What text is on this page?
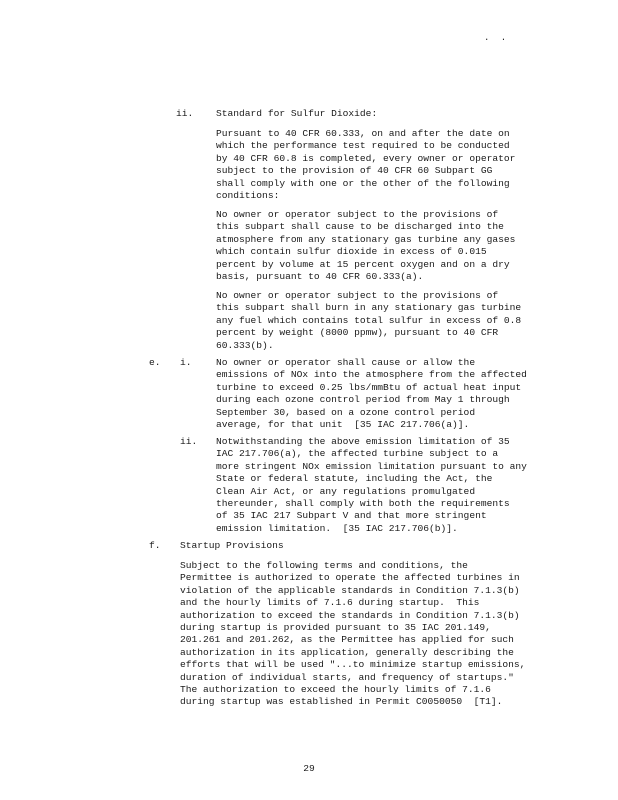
. .
ii. Standard for Sulfur Dioxide:
Pursuant to 40 CFR 60.333, on and after the date on
which the performance test required to be conducted
by 40 CFR 60.8 is completed, every owner or operator
subject to the provision of 40 CFR 60 Subpart GG
shall comply with one or the other of the following
conditions:
No owner or operator subject to the provisions of
this subpart shall cause to be discharged into the
atmosphere from any stationary gas turbine any gases
which contain sulfur dioxide in excess of 0.015
percent by volume at 15 percent oxygen and on a dry
basis, pursuant to 40 CFR 60.333(a).
No owner or operator subject to the provisions of
this subpart shall burn in any stationary gas turbine
any fuel which contains total sulfur in excess of 0.8
percent by weight (8000 ppmw), pursuant to 40 CFR
60.333(b).
e. i.	No owner or operator shall cause or allow the
emissions of NOx into the atmosphere from the affected
turbine to exceed 0.25 lbs/mmBtu of actual heat input
during each ozone control period from May 1 through
September 30, based on a ozone control period
average, for that unit  [35 IAC 217.706(a)].
ii. Notwithstanding the above emission limitation of 35
IAC 217.706(a), the affected turbine subject to a
more stringent NOx emission limitation pursuant to any
State or federal statute, including the Act, the
Clean Air Act, or any regulations promulgated
thereunder, shall comply with both the requirements
of 35 IAC 217 Subpart V and that more stringent
emission limitation.  [35 IAC 217.706(b)].
f. Startup Provisions
Subject to the following terms and conditions, the
Permittee is authorized to operate the affected turbines in
violation of the applicable standards in Condition 7.1.3(b)
and the hourly limits of 7.1.6 during startup.  This
authorization to exceed the standards in Condition 7.1.3(b)
during startup is provided pursuant to 35 IAC 201.149,
201.261 and 201.262, as the Permittee has applied for such
authorization in its application, generally describing the
efforts that will be used "...to minimize startup emissions,
duration of individual starts, and frequency of startups."
The authorization to exceed the hourly limits of 7.1.6
during startup was established in Permit C0050050  [T1].
29
